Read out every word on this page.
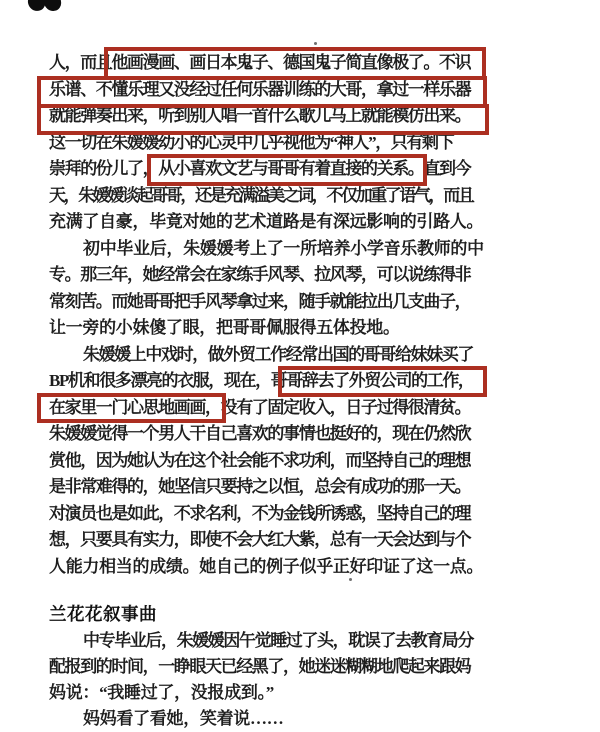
人，而且他画漫画、画日本鬼子、德国鬼子简直像极了。不识
乐谱、不懂乐理又没经过任何乐器训练的大哥，拿过一样乐器
就能弹奏出来，听到别人唱一首什么歌儿马上就能模仿出来。
这一切在朱媛媛幼小的心灵中几乎视他为“神人”，只有剩下
崇拜的份儿了，从小喜欢文艺与哥哥有着直接的关系。直到今
天，朱媛媛谈起哥哥，还是充满溢美之词，不仅加重了语气，而且
充满了自豪，毕竟对她的艺术道路是有深远影响的引路人。
初中毕业后，朱媛媛考上了一所培养小学音乐教师的中
专。那三年，她经常会在家练手风琴、拉风琴，可以说练得非
常刻苦。而她哥哥把手风琴拿过来，随手就能拉出几支曲子，
让一旁的小妹傻了眼，把哥哥佩服得五体投地。
朱媛媛上中戏时，做外贸工作经常出国的哥哥给妹妹买了
BP机和很多漂亮的衣服，现在，哥哥辞去了外贸公司的工作，
在家里一门心思地画画，没有了固定收入，日子过得很清贫。
朱媛媛觉得一个男人干自己喜欢的事情也挺好的，现在仍然欣
赏他，因为她认为在这个社会能不求功利，而坚持自己的理想
是非常难得的，她坚信只要持之以恒，总会有成功的那一天。
对演员也是如此，不求名利，不为金钱所诱惑，坚持自己的理
想，只要具有实力，即使不会大红大紫，总有一天会达到与个
人能力相当的成绩。她自己的例子似乎正好印证了这一点。
兰花花叙事曲
中专毕业后，朱媛媛因午觉睡过了头，耽误了去教育局分
配报到的时间，一睁眼天已经黑了，她迷迷糊糊地爬起来跟妈
妈说：“我睡过了，没报成到。”
妈妈看了看她，笑着说……
